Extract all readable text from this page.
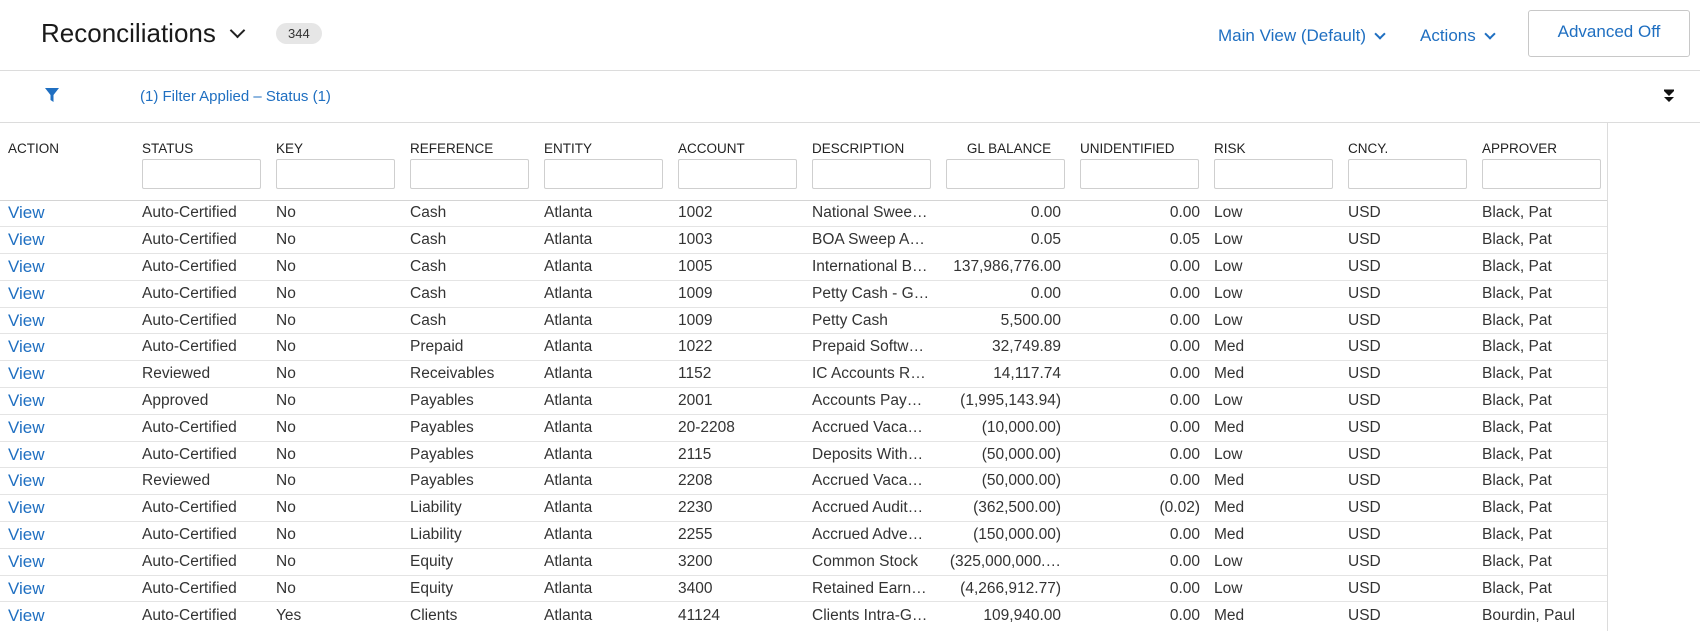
Reconciliations	344	Main View (Default)	Actions	Advanced Off
(1) Filter Applied – Status (1)
ACTION	STATUS	KEY	REFERENCE	ENTITY	ACCOUNT	DESCRIPTION	GL BALANCE	UNIDENTIFIED	RISK	CNCY.	APPROVER

View	Auto-Certified	No	Cash	Atlanta	1002	National Swee…	0.00	0.00	Low	USD	Black, Pat
View	Auto-Certified	No	Cash	Atlanta	1003	BOA Sweep A…	0.05	0.05	Low	USD	Black, Pat
View	Auto-Certified	No	Cash	Atlanta	1005	International B…	137,986,776.00	0.00	Low	USD	Black, Pat
View	Auto-Certified	No	Cash	Atlanta	1009	Petty Cash - G…	0.00	0.00	Low	USD	Black, Pat
View	Auto-Certified	No	Cash	Atlanta	1009	Petty Cash	5,500.00	0.00	Low	USD	Black, Pat
View	Auto-Certified	No	Prepaid	Atlanta	1022	Prepaid Softw…	32,749.89	0.00	Med	USD	Black, Pat
View	Reviewed	No	Receivables	Atlanta	1152	IC Accounts R…	14,117.74	0.00	Med	USD	Black, Pat
View	Approved	No	Payables	Atlanta	2001	Accounts Pay…	(1,995,143.94)	0.00	Low	USD	Black, Pat
View	Auto-Certified	No	Payables	Atlanta	20-2208	Accrued Vaca…	(10,000.00)	0.00	Med	USD	Black, Pat
View	Auto-Certified	No	Payables	Atlanta	2115	Deposits With…	(50,000.00)	0.00	Low	USD	Black, Pat
View	Reviewed	No	Payables	Atlanta	2208	Accrued Vaca…	(50,000.00)	0.00	Med	USD	Black, Pat
View	Auto-Certified	No	Liability	Atlanta	2230	Accrued Audit…	(362,500.00)	(0.02)	Med	USD	Black, Pat
View	Auto-Certified	No	Liability	Atlanta	2255	Accrued Adve…	(150,000.00)	0.00	Med	USD	Black, Pat
View	Auto-Certified	No	Equity	Atlanta	3200	Common Stock	(325,000,000.…	0.00	Low	USD	Black, Pat
View	Auto-Certified	No	Equity	Atlanta	3400	Retained Earn…	(4,266,912.77)	0.00	Low	USD	Black, Pat
View	Auto-Certified	Yes	Clients	Atlanta	41124	Clients Intra-G…	109,940.00	0.00	Med	USD	Bourdin, Paul
